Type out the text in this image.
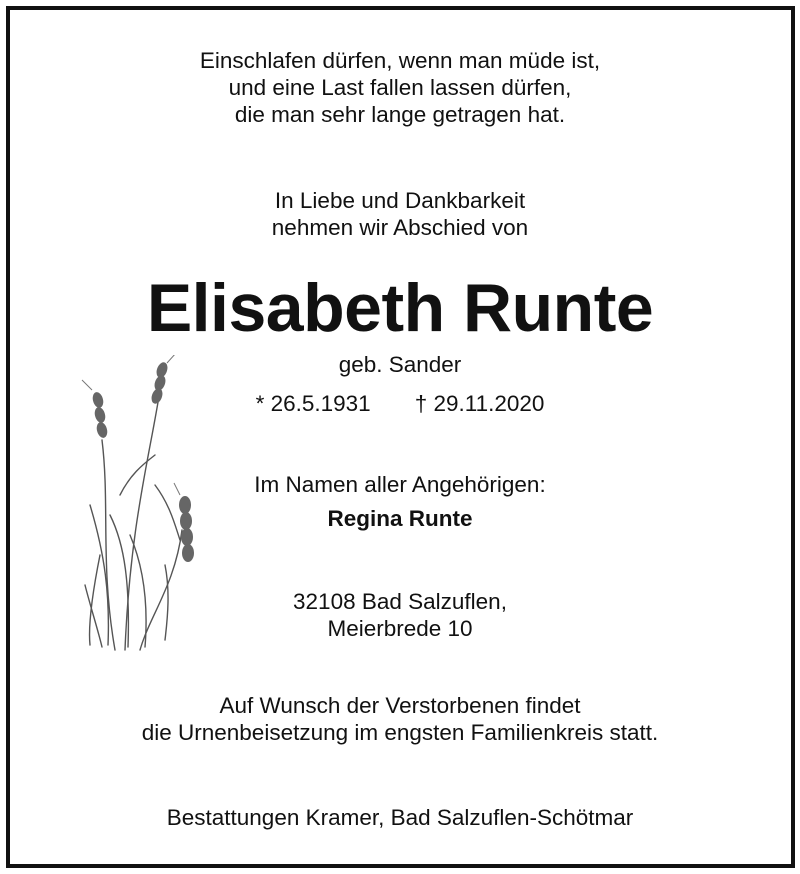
Einschlafen dürfen, wenn man müde ist,
und eine Last fallen lassen dürfen,
die man sehr lange getragen hat.
In Liebe und Dankbarkeit
nehmen wir Abschied von
Elisabeth Runte
geb. Sander
* 26.5.1931 † 29.11.2020
Im Namen aller Angehörigen:
Regina Runte
32108 Bad Salzuflen,
Meierbrede 10
Auf Wunsch der Verstorbenen findet
die Urnenbeisetzung im engsten Familienkreis statt.
Bestattungen Kramer, Bad Salzuflen-Schötmar
